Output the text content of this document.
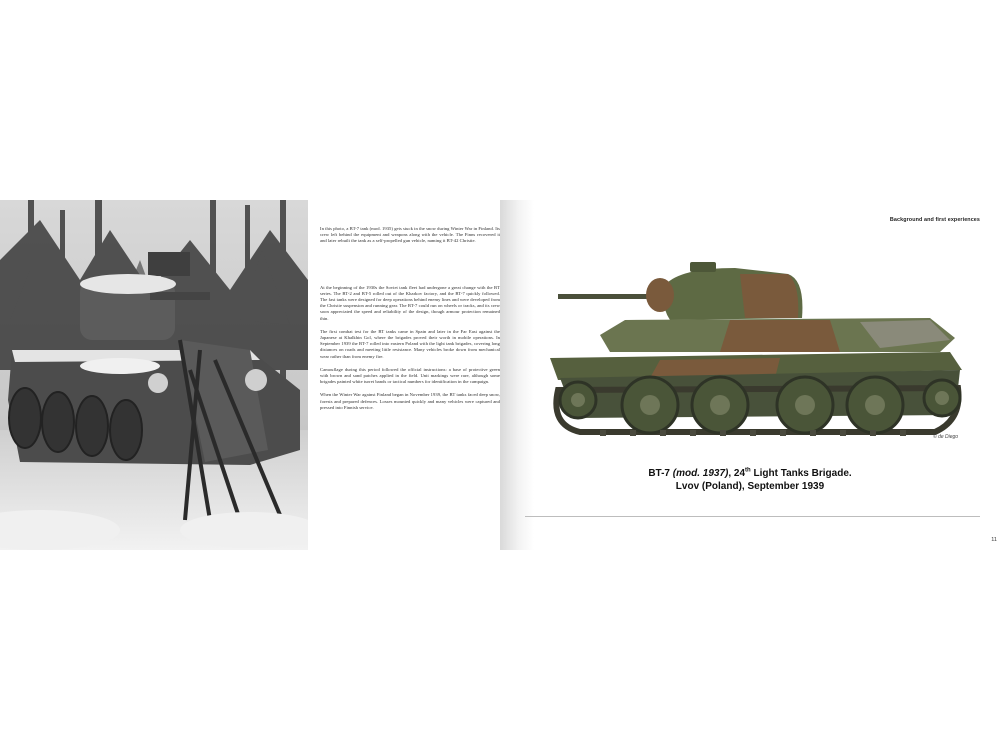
In this photo, a BT-7 tank (mod. 1935) gets stuck in the snow during Winter War in Finland. Its crew left behind the equipment and weapons along with the vehicle. The Finns recovered it and later rebuilt the tank as a self-propelled gun vehicle, naming it BT-42 Christie.

At the beginning of the 1930s the Soviet tank fleet had undergone a great change with the BT series. The BT-2 and BT-5 rolled out of the Kharkov factory, and the BT-7 quickly followed. The fast tanks were designed for deep operations behind enemy lines and were developed from the Christie suspension and running gear. The BT-7 could run on wheels or tracks, and its crew soon appreciated the speed and reliability of the design, though armour protection remained thin.

The first combat test for the BT tanks came in Spain and later in the Far East against the Japanese at Khalkhin Gol, where the brigades proved their worth in mobile operations. In September 1939 the BT-7 rolled into eastern Poland with the light tank brigades, covering long distances on roads and meeting little resistance. Many vehicles broke down from mechanical wear rather than from enemy fire.

Camouflage during this period followed the official instructions: a base of protective green with brown and sand patches applied in the field. Unit markings were rare, although some brigades painted white turret bands or tactical numbers for identification in the campaign.

When the Winter War against Finland began in November 1939, the BT tanks faced deep snow, forests and prepared defences. Losses mounted quickly and many vehicles were captured and pressed into Finnish service.

Background and first experiences
© de Diego
BT-7 (mod. 1937), 24th Light Tanks Brigade.
Lvov (Poland), September 1939
11
